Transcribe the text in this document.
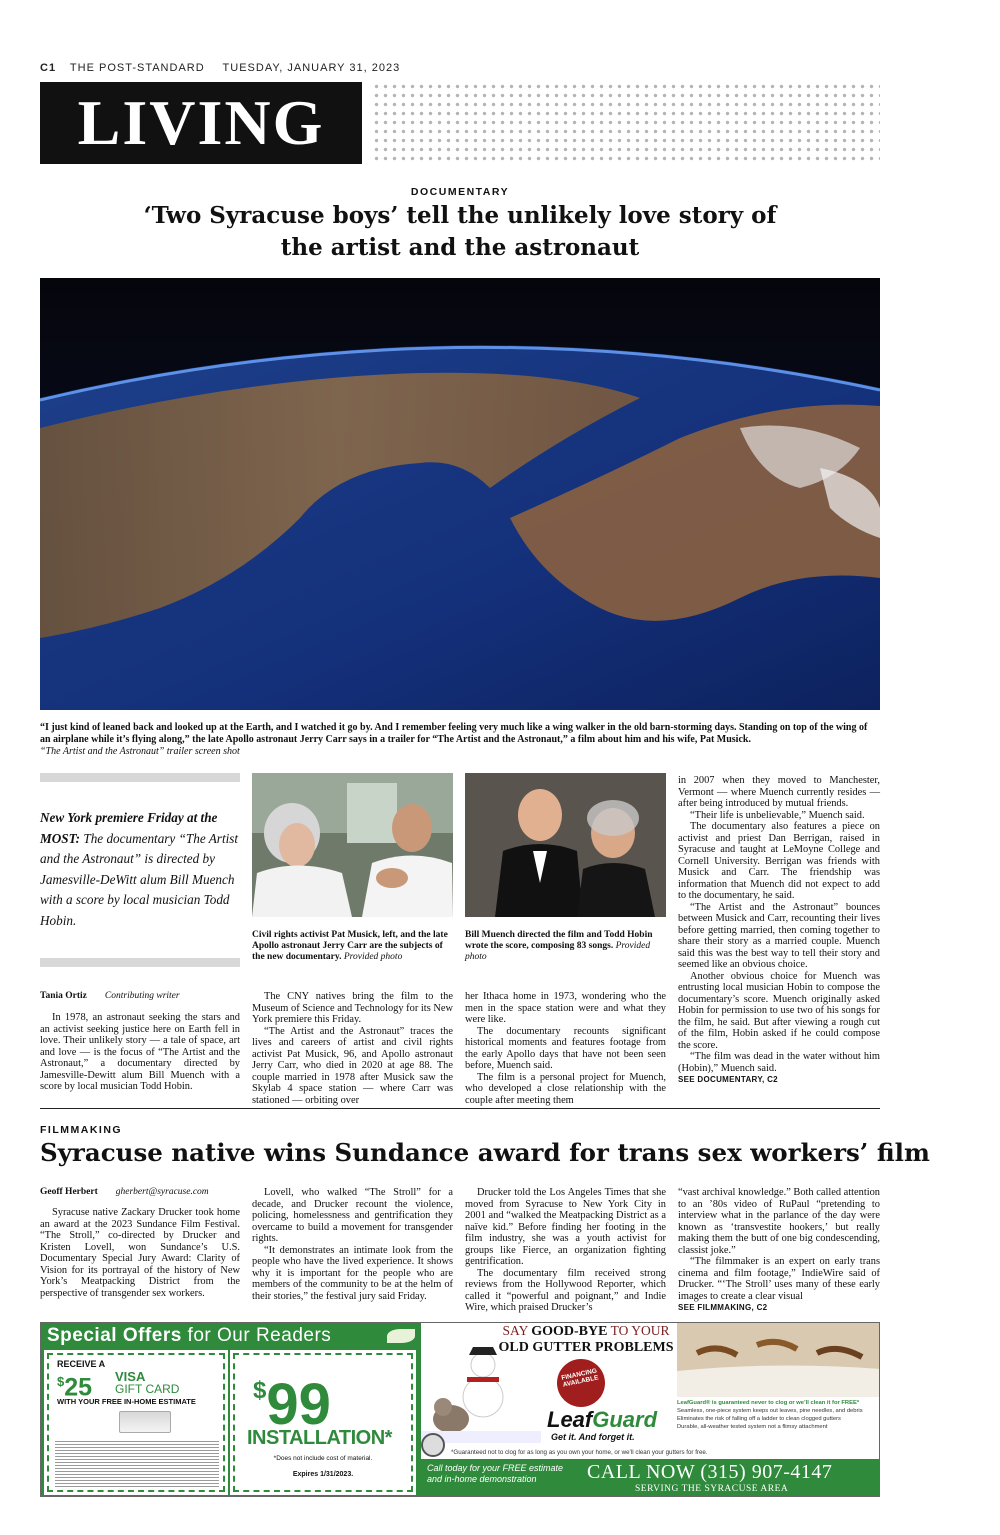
C1 THE POST-STANDARD TUESDAY, JANUARY 31, 2023
LIVING
DOCUMENTARY
‘Two Syracuse boys’ tell the unlikely love story of the artist and the astronaut
“I just kind of leaned back and looked up at the Earth, and I watched it go by. And I remember feeling very much like a wing walker in the old barn-storming days. Standing on top of the wing of an airplane while it’s flying along,” the late Apollo astronaut Jerry Carr says in a trailer for “The Artist and the Astronaut,” a film about him and his wife, Pat Musick.
“The Artist and the Astronaut” trailer screen shot
New York premiere Friday at the MOST: The documentary “The Artist and the Astronaut” is directed by Jamesville-DeWitt alum Bill Muench with a score by local musician Todd Hobin.
Civil rights activist Pat Musick, left, and the late Apollo astronaut Jerry Carr are the subjects of the new documentary. Provided photo
Bill Muench directed the film and Todd Hobin wrote the score, composing 83 songs. Provided photo
Tania Ortiz Contributing writer

In 1978, an astronaut seeking the stars and an activist seeking justice here on Earth fell in love. Their unlikely story — a tale of space, art and love — is the focus of “The Artist and the Astronaut,” a documentary directed by Jamesville-Dewitt alum Bill Muench with a score by local musician Todd Hobin.

The CNY natives bring the film to the Museum of Science and Technology for its New York premiere this Friday.

“The Artist and the Astronaut” traces the lives and careers of artist and civil rights activist Pat Musick, 96, and Apollo astronaut Jerry Carr, who died in 2020 at age 88. The couple married in 1978 after Musick saw the Skylab 4 space station — where Carr was stationed — orbiting over

her Ithaca home in 1973, wondering who the men in the space station were and what they were like.

The documentary recounts significant historical moments and features footage from the early Apollo days that have not been seen before, Muench said.

The film is a personal project for Muench, who developed a close relationship with the couple after meeting them

in 2007 when they moved to Manchester, Vermont — where Muench currently resides — after being introduced by mutual friends.

“Their life is unbelievable,” Muench said.

The documentary also features a piece on activist and priest Dan Berrigan, raised in Syracuse and taught at LeMoyne College and Cornell University. Berrigan was friends with Musick and Carr. The friendship was information that Muench did not expect to add to the documentary, he said.

“The Artist and the Astronaut” bounces between Musick and Carr, recounting their lives before getting married, then coming together to share their story as a married couple. Muench said this was the best way to tell their story and seemed like an obvious choice.

Another obvious choice for Muench was entrusting local musician Hobin to compose the documentary’s score. Muench originally asked Hobin for permission to use two of his songs for the film, he said. But after viewing a rough cut of the film, Hobin asked if he could compose the score.

“The film was dead in the water without him (Hobin),” Muench said.

SEE DOCUMENTARY, C2
FILMMAKING
Syracuse native wins Sundance award for trans sex workers’ film
Geoff Herbert gherbert@syracuse.com

Syracuse native Zackary Drucker took home an award at the 2023 Sundance Film Festival. “The Stroll,” co-directed by Drucker and Kristen Lovell, won Sundance’s U.S. Documentary Special Jury Award: Clarity of Vision for its portrayal of the history of New York’s Meatpacking District from the perspective of transgender sex workers.

Lovell, who walked “The Stroll” for a decade, and Drucker recount the violence, policing, homelessness and gentrification they overcame to build a movement for transgender rights.

“It demonstrates an intimate look from the people who have the lived experience. It shows why it is important for the people who are members of the community to be at the helm of their stories,” the festival jury said Friday.

Drucker told the Los Angeles Times that she moved from Syracuse to New York City in 2001 and “walked the Meatpacking District as a naïve kid.” Before finding her footing in the film industry, she was a youth activist for groups like Fierce, an organization fighting gentrification.

The documentary film received strong reviews from the Hollywood Reporter, which called it “powerful and poignant,” and Indie Wire, which praised Drucker’s

“vast archival knowledge.” Both called attention to an ’80s video of RuPaul “pretending to interview what in the parlance of the day were known as ‘transvestite hookers,’ but really making them the butt of one big condescending, classist joke.”

“The filmmaker is an expert on early trans cinema and film footage,” IndieWire said of Drucker. “‘The Stroll’ uses many of these early images to create a clear visual

SEE FILMMAKING, C2
Special Offers for Our Readers
RECEIVE A
$25 VISA
GIFT CARD
WITH YOUR FREE IN-HOME ESTIMATE $99
INSTALLATION*
*Does not include cost of material.
Expires 1/31/2023.
SAY GOOD-BYE TO YOUR
OLD GUTTER PROBLEMS
FINANCING AVAILABLE
LeafGuard
Get it. And forget it.
LeafGuard® is guaranteed never to clog or we’ll clean it for FREE*
Seamless, one-piece system keeps out leaves, pine needles, and debris
Eliminates the risk of falling off a ladder to clean clogged gutters
Durable, all-weather tested system not a flimsy attachment
*Guaranteed not to clog for as long as you own your home, or we’ll clean your gutters for free.
Call today for your FREE estimate
and in-home demonstration	CALL NOW (315) 907-4147
SERVING THE SYRACUSE AREA
